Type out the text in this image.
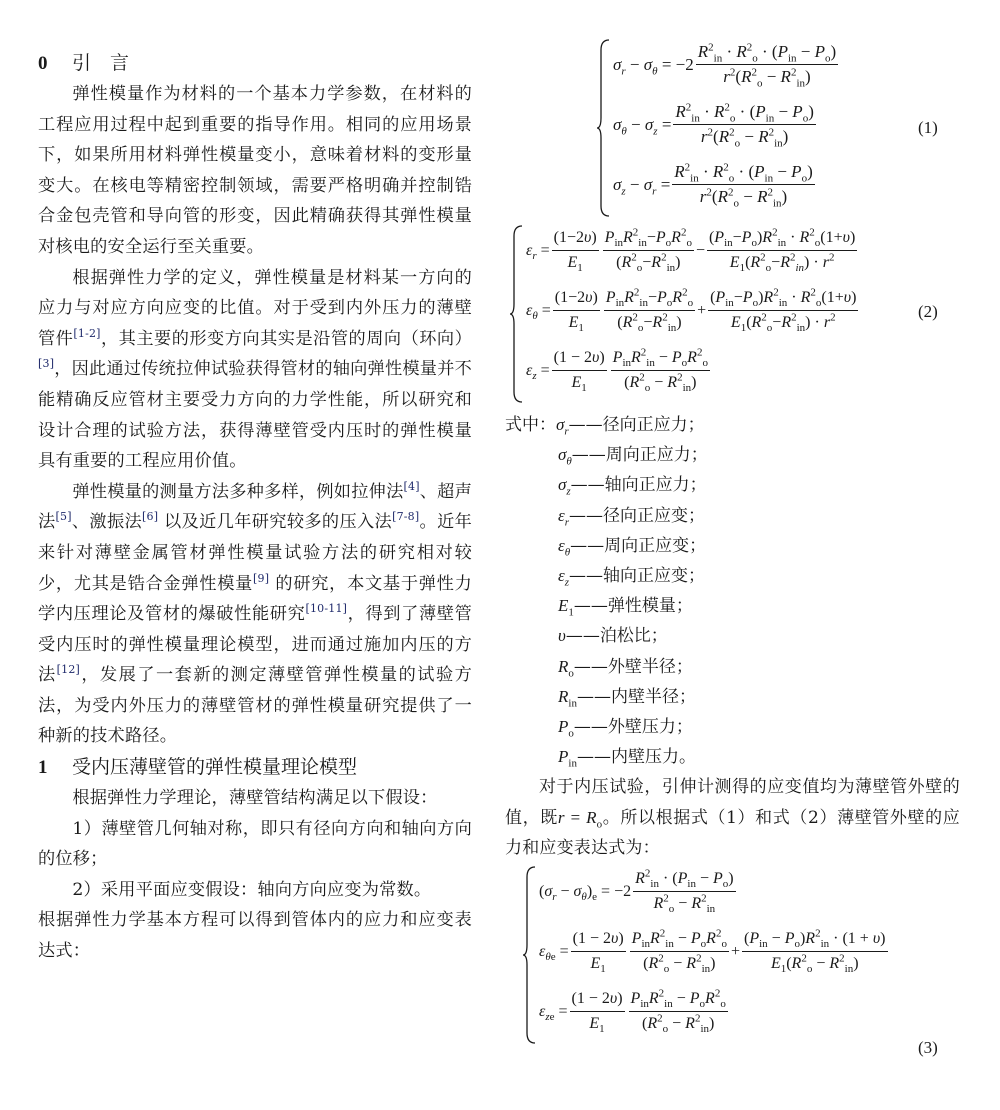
0 引　言

弹性模量作为材料的一个基本力学参数，在材料的工程应用过程中起到重要的指导作用。相同的应用场景下，如果所用材料弹性模量变小，意味着材料的变形量变大。在核电等精密控制领域，需要严格明确并控制锆合金包壳管和导向管的形变，因此精确获得其弹性模量对核电的安全运行至关重要。

根据弹性力学的定义，弹性模量是材料某一方向的应力与对应方向应变的比值。对于受到内外压力的薄壁管件[1-2]，其主要的形变方向其实是沿管的周向（环向）[3]，因此通过传统拉伸试验获得管材的轴向弹性模量并不能精确反应管材主要受力方向的力学性能，所以研究和设计合理的试验方法，获得薄壁管受内压时的弹性模量具有重要的工程应用价值。

弹性模量的测量方法多种多样，例如拉伸法[4]、超声法[5]、激振法[6] 以及近几年研究较多的压入法[7-8]。近年来针对薄壁金属管材弹性模量试验方法的研究相对较少，尤其是锆合金弹性模量[9] 的研究，本文基于弹性力学内压理论及管材的爆破性能研究[10-11]，得到了薄壁管受内压时的弹性模量理论模型，进而通过施加内压的方法[12]，发展了一套新的测定薄壁管弹性模量的试验方法，为受内外压力的薄壁管材的弹性模量研究提供了一种新的技术路径。

1 受内压薄壁管的弹性模量理论模型

根据弹性力学理论，薄壁管结构满足以下假设：

1）薄壁管几何轴对称，即只有径向方向和轴向方向的位移；

2）采用平面应变假设：轴向方向应变为常数。

根据弹性力学基本方程可以得到管体内的应力和应变表达式：

$\sigma_r$
−
$\sigma_\theta$
=
$-2 \frac{R^2_{in} \cdot R^2_o \cdot (P_{in} - P_o)}{r^2(R^2_o - R^2_{in})}$
$\sigma_\theta$
−
$\sigma_z$
= $\frac{R^2_{in} \cdot R^2_o \cdot (P_{in} - P_o)}{r^2(R^2_o - R^2_{in})}$
$\sigma_z$
−
$\sigma_r$
= $\frac{R^2_{in} \cdot R^2_o \cdot (P_{in} - P_o)}{r^2(R^2_o - R^2_{in})}$
(1)
$\varepsilon_r$
= $\frac{(1-2\upsilon)}{E_1} \frac{P_{in}R^2_{in}-P_oR^2_o}{(R^2_o-R^2_{in})} - \frac{(P_{in}-P_o)R^2_{in} \cdot R^2_o(1+\upsilon)}{E_1(R^2_o-R^2_{in}) \cdot r^2}$
$\varepsilon_\theta$
= $\frac{(1-2\upsilon)}{E_1} \frac{P_{in}R^2_{in}-P_oR^2_o}{(R^2_o-R^2_{in})} + \frac{(P_{in}-P_o)R^2_{in} \cdot R^2_o(1+\upsilon)}{E_1(R^2_o-R^2_{in}) \cdot r^2}$
$\varepsilon_z$
= $\frac{(1 - 2\upsilon)}{E_1} \frac{P_{in}R^2_{in} - P_oR^2_o}{(R^2_o - R^2_{in})}$
(2)
式中：$\sigma_r——$径向正应力；
$\sigma_\theta——$周向正应力；
$\sigma_z——$轴向正应力；
$\varepsilon_r——$径向正应变；
$\varepsilon_\theta——$周向正应变；
$\varepsilon_z——$轴向正应变；
$E_1——$弹性模量；
υ——泊松比；
$R_o——$外壁半径；
$R_{in}——$内壁半径；
$P_o——$外壁压力；
$P_{in}——$内壁压力。

对于内压试验，引伸计测得的应变值均为薄壁管外壁的值，既$r = R_o$。所以根据式（1）和式（2）薄壁管外壁的应力和应变表达式为：

( $\sigma_r$
−
$\sigma_\theta$ )$_e$
=
$-2 \frac{R^2_{in} \cdot (P_{in} - P_o)}{R^2_o - R^2_{in}}$
$\varepsilon_{\theta e}$
= $\frac{(1 - 2\upsilon)}{E_1} \frac{P_{in}R^2_{in} - P_oR^2_o}{(R^2_o - R^2_{in})} + \frac{(P_{in} - P_o)R^2_{in} \cdot (1 + \upsilon)}{E_1(R^2_o - R^2_{in})}$
$\varepsilon_{ze}$
= $\frac{(1 - 2\upsilon)}{E_1} \frac{P_{in}R^2_{in} - P_oR^2_o}{(R^2_o - R^2_{in})}$
(3)
